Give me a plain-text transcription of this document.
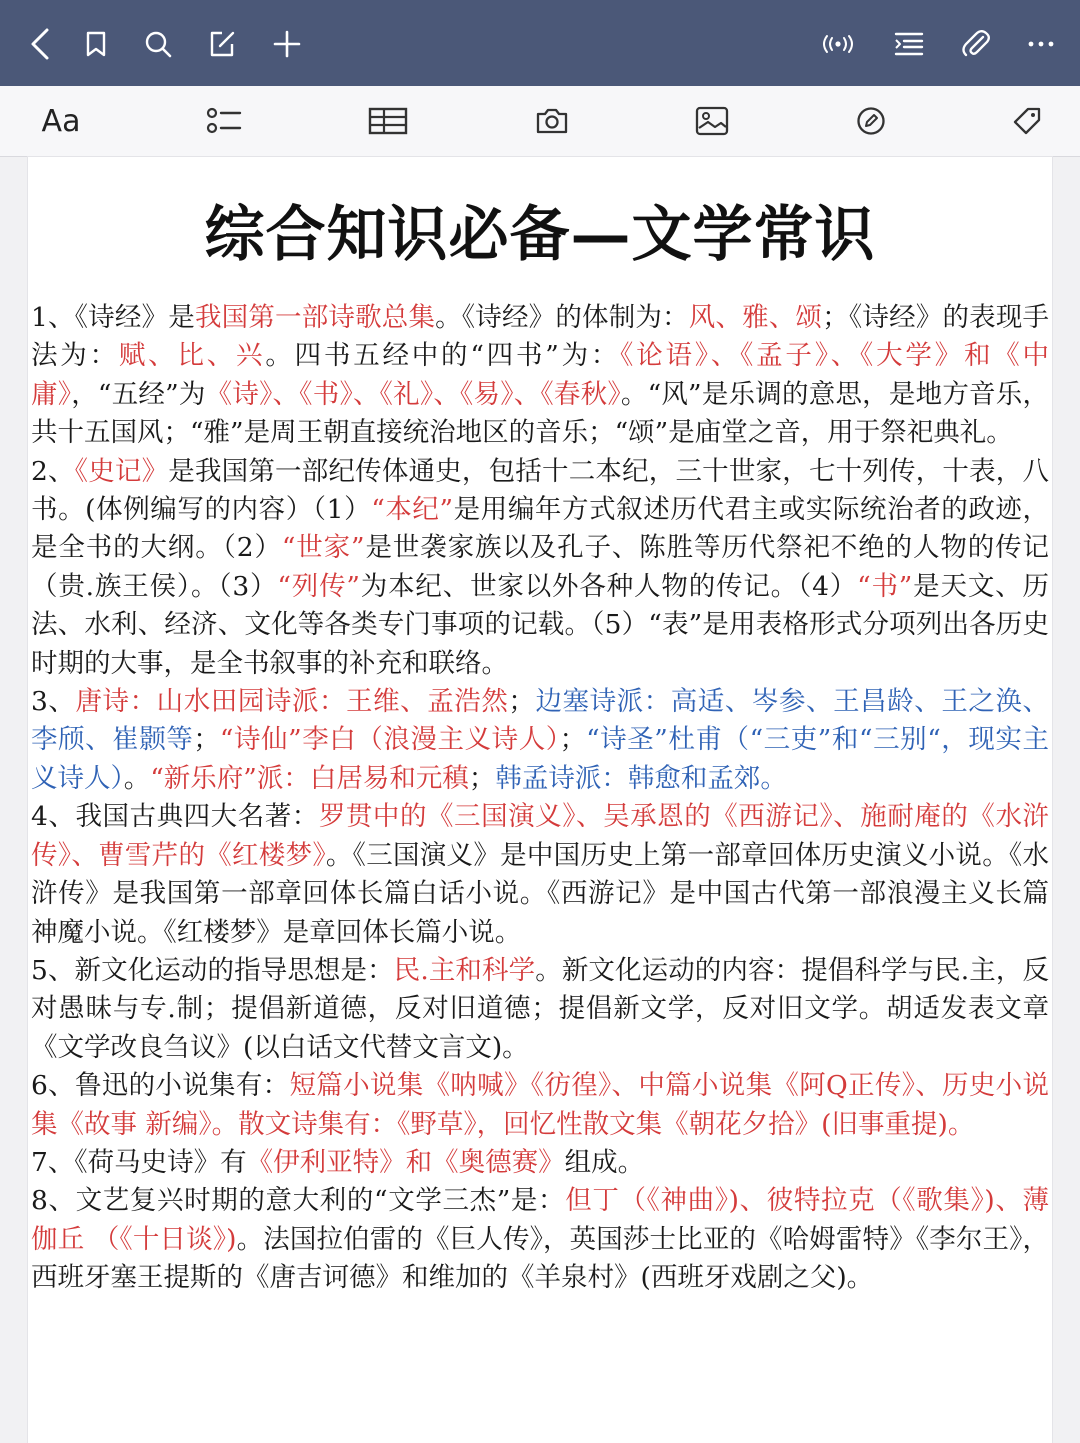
Aa
综合知识必备—文学常识

1、《诗经》是我国第一部诗歌总集。《诗经》的体制为：风、雅、颂；《诗经》的表现手法为：赋、比、兴。四书五经中的“四书”为：《论语》、《孟子》、《大学》和《中庸》，“五经”为《诗》、《书》、《礼》、《易》、《春秋》。“风”是乐调的意思，是地方音乐，共十五国风；“雅”是周王朝直接统治地区的音乐；“颂”是庙堂之音，用于祭祀典礼。

2、《史记》是我国第一部纪传体通史，包括十二本纪，三十世家，七十列传，十表，八书。(体例编写的内容）（1）“本纪”是用编年方式叙述历代君主或实际统治者的政迹，是全书的大纲。（2）“世家”是世袭家族以及孔子、陈胜等历代祭祀不绝的人物的传记（贵.族王侯）。（3）“列传”为本纪、世家以外各种人物的传记。（4）“书”是天文、历法、水利、经济、文化等各类专门事项的记载。（5）“表”是用表格形式分项列出各历史时期的大事，是全书叙事的补充和联络。

3、唐诗：山水田园诗派：王维、孟浩然；边塞诗派：高适、岑参、王昌龄、王之涣、李颀、崔颢等；“诗仙”李白（浪漫主义诗人）；“诗圣”杜甫（“三吏”和“三别“，现实主义诗人）。“新乐府”派：白居易和元稹；韩孟诗派：韩愈和孟郊。

4、我国古典四大名著：罗贯中的《三国演义》、吴承恩的《西游记》、施耐庵的《水浒传》、曹雪芹的《红楼梦》。《三国演义》是中国历史上第一部章回体历史演义小说。《水浒传》是我国第一部章回体长篇白话小说。《西游记》是中国古代第一部浪漫主义长篇神魔小说。《红楼梦》是章回体长篇小说。

5、新文化运动的指导思想是：民.主和科学。新文化运动的内容：提倡科学与民.主，反对愚昧与专.制；提倡新道德，反对旧道德；提倡新文学，反对旧文学。胡适发表文章《文学改良刍议》(以白话文代替文言文)。

6、鲁迅的小说集有：短篇小说集《呐喊》《彷徨》、中篇小说集《阿Q正传》、历史小说集《故事 新编》。散文诗集有：《野草》，回忆性散文集《朝花夕拾》(旧事重提)。

7、《荷马史诗》有《伊利亚特》和《奥德赛》组成。

8、文艺复兴时期的意大利的“文学三杰”是：但丁（《神曲》)、彼特拉克（《歌集》)、薄伽丘 （《十日谈》)。法国拉伯雷的《巨人传》，英国莎士比亚的《哈姆雷特》《李尔王》，西班牙塞王提斯的《唐吉诃德》和维加的《羊泉村》(西班牙戏剧之父)。
